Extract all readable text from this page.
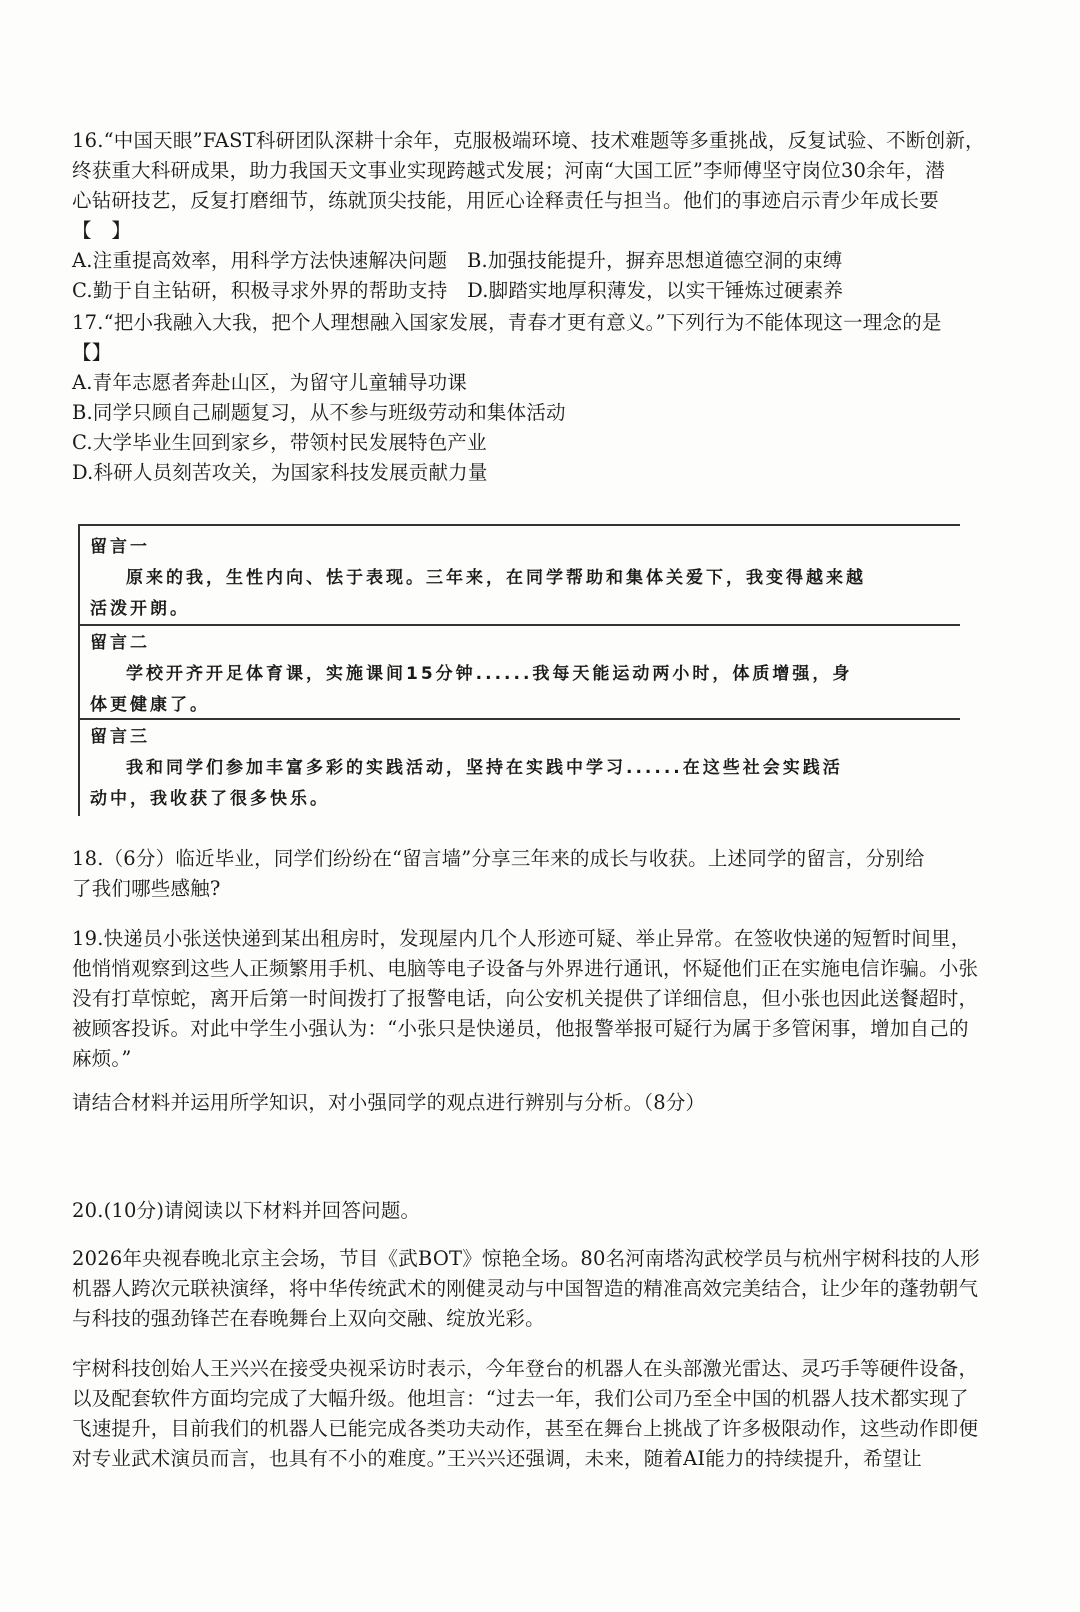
16.“中国天眼”FAST科研团队深耕十余年，克服极端环境、技术难题等多重挑战，反复试验、不断创新，
终获重大科研成果，助力我国天文事业实现跨越式发展；河南“大国工匠”李师傅坚守岗位30余年，潜
心钻研技艺，反复打磨细节，练就顶尖技能，用匠心诠释责任与担当。他们的事迹启示青少年成长要
【　】
A.注重提高效率，用科学方法快速解决问题　B.加强技能提升，摒弃思想道德空洞的束缚
C.勤于自主钻研，积极寻求外界的帮助支持　D.脚踏实地厚积薄发，以实干锤炼过硬素养
17.“把小我融入大我，把个人理想融入国家发展，青春才更有意义。”下列行为不能体现这一理念的是
【】
A.青年志愿者奔赴山区，为留守儿童辅导功课
B.同学只顾自己刷题复习，从不参与班级劳动和集体活动
C.大学毕业生回到家乡，带领村民发展特色产业
D.科研人员刻苦攻关，为国家科技发展贡献力量
留言一
原来的我，生性内向、怯于表现。三年来，在同学帮助和集体关爱下，我变得越来越
活泼开朗。
留言二
学校开齐开足体育课，实施课间15分钟......我每天能运动两小时，体质增强，身
体更健康了。
留言三
我和同学们参加丰富多彩的实践活动，坚持在实践中学习......在这些社会实践活
动中，我收获了很多快乐。
18.（6分）临近毕业，同学们纷纷在“留言墙”分享三年来的成长与收获。上述同学的留言，分别给
了我们哪些感触?
19.快递员小张送快递到某出租房时，发现屋内几个人形迹可疑、举止异常。在签收快递的短暂时间里，
他悄悄观察到这些人正频繁用手机、电脑等电子设备与外界进行通讯，怀疑他们正在实施电信诈骗。小张
没有打草惊蛇，离开后第一时间拨打了报警电话，向公安机关提供了详细信息，但小张也因此送餐超时，
被顾客投诉。对此中学生小强认为：“小张只是快递员，他报警举报可疑行为属于多管闲事，增加自己的
麻烦。”
请结合材料并运用所学知识，对小强同学的观点进行辨别与分析。（8分）
20.(10分)请阅读以下材料并回答问题。
2026年央视春晚北京主会场，节目《武BOT》惊艳全场。80名河南塔沟武校学员与杭州宇树科技的人形
机器人跨次元联袂演绎，将中华传统武术的刚健灵动与中国智造的精准高效完美结合，让少年的蓬勃朝气
与科技的强劲锋芒在春晚舞台上双向交融、绽放光彩。
宇树科技创始人王兴兴在接受央视采访时表示，今年登台的机器人在头部激光雷达、灵巧手等硬件设备，
以及配套软件方面均完成了大幅升级。他坦言：“过去一年，我们公司乃至全中国的机器人技术都实现了
飞速提升，目前我们的机器人已能完成各类功夫动作，甚至在舞台上挑战了许多极限动作，这些动作即便
对专业武术演员而言，也具有不小的难度。”王兴兴还强调，未来，随着AI能力的持续提升，希望让
